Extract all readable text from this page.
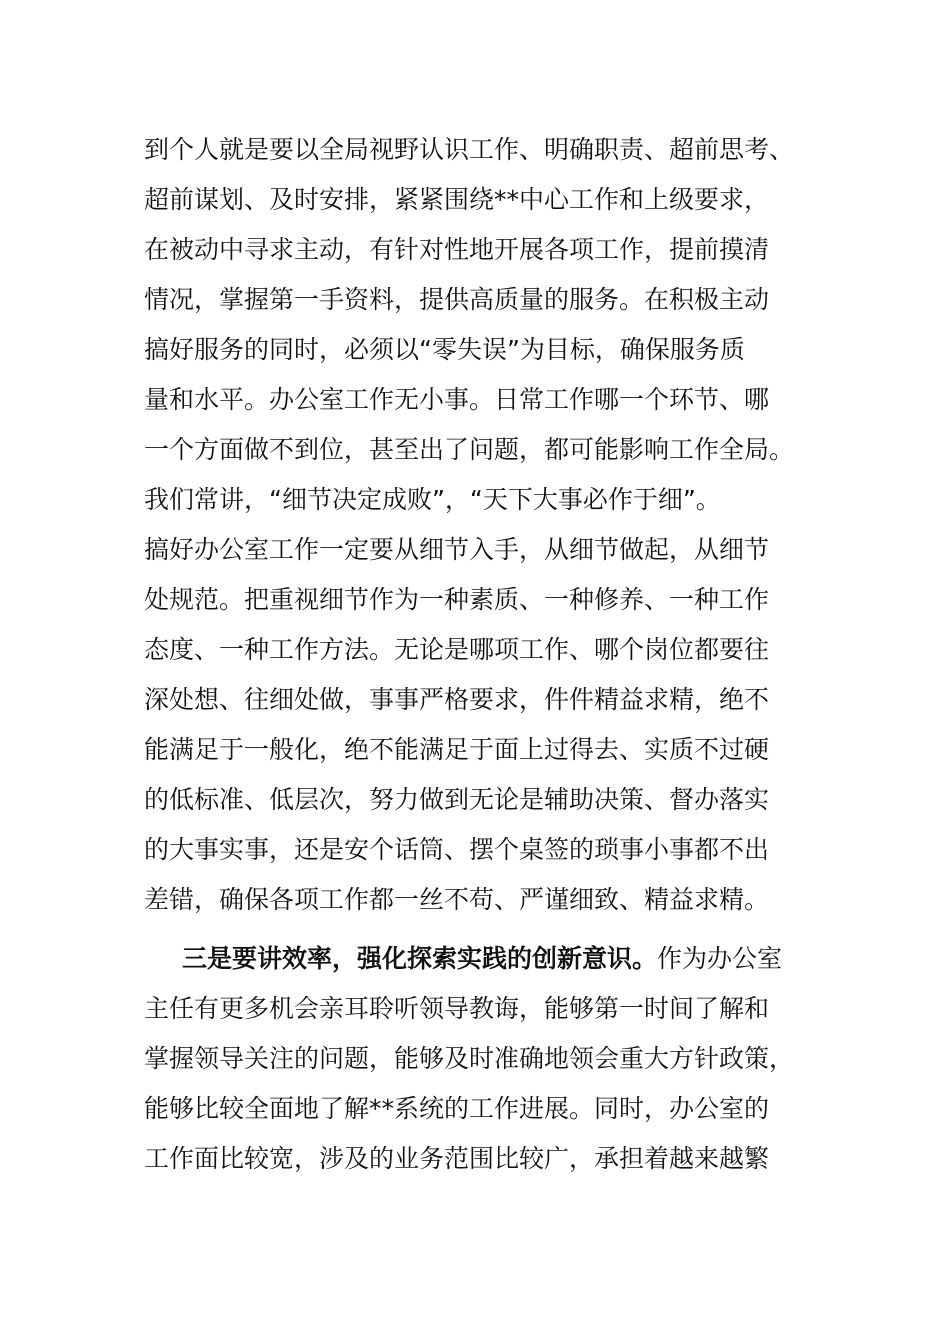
到个人就是要以全局视野认识工作、明确职责、超前思考、
超前谋划、及时安排，紧紧围绕**中心工作和上级要求，
在被动中寻求主动，有针对性地开展各项工作，提前摸清
情况，掌握第一手资料，提供高质量的服务。在积极主动
搞好服务的同时，必须以“零失误”为目标，确保服务质
量和水平。办公室工作无小事。日常工作哪一个环节、哪
一个方面做不到位，甚至出了问题，都可能影响工作全局。
我们常讲，“细节决定成败”，“天下大事必作于细”。
搞好办公室工作一定要从细节入手，从细节做起，从细节
处规范。把重视细节作为一种素质、一种修养、一种工作
态度、一种工作方法。无论是哪项工作、哪个岗位都要往
深处想、往细处做，事事严格要求，件件精益求精，绝不
能满足于一般化，绝不能满足于面上过得去、实质不过硬
的低标准、低层次，努力做到无论是辅助决策、督办落实
的大事实事，还是安个话筒、摆个桌签的琐事小事都不出
差错，确保各项工作都一丝不苟、严谨细致、精益求精。
三是要讲效率，强化探索实践的创新意识。作为办公室
主任有更多机会亲耳聆听领导教诲，能够第一时间了解和
掌握领导关注的问题，能够及时准确地领会重大方针政策，
能够比较全面地了解**系统的工作进展。同时，办公室的
工作面比较宽，涉及的业务范围比较广，承担着越来越繁
